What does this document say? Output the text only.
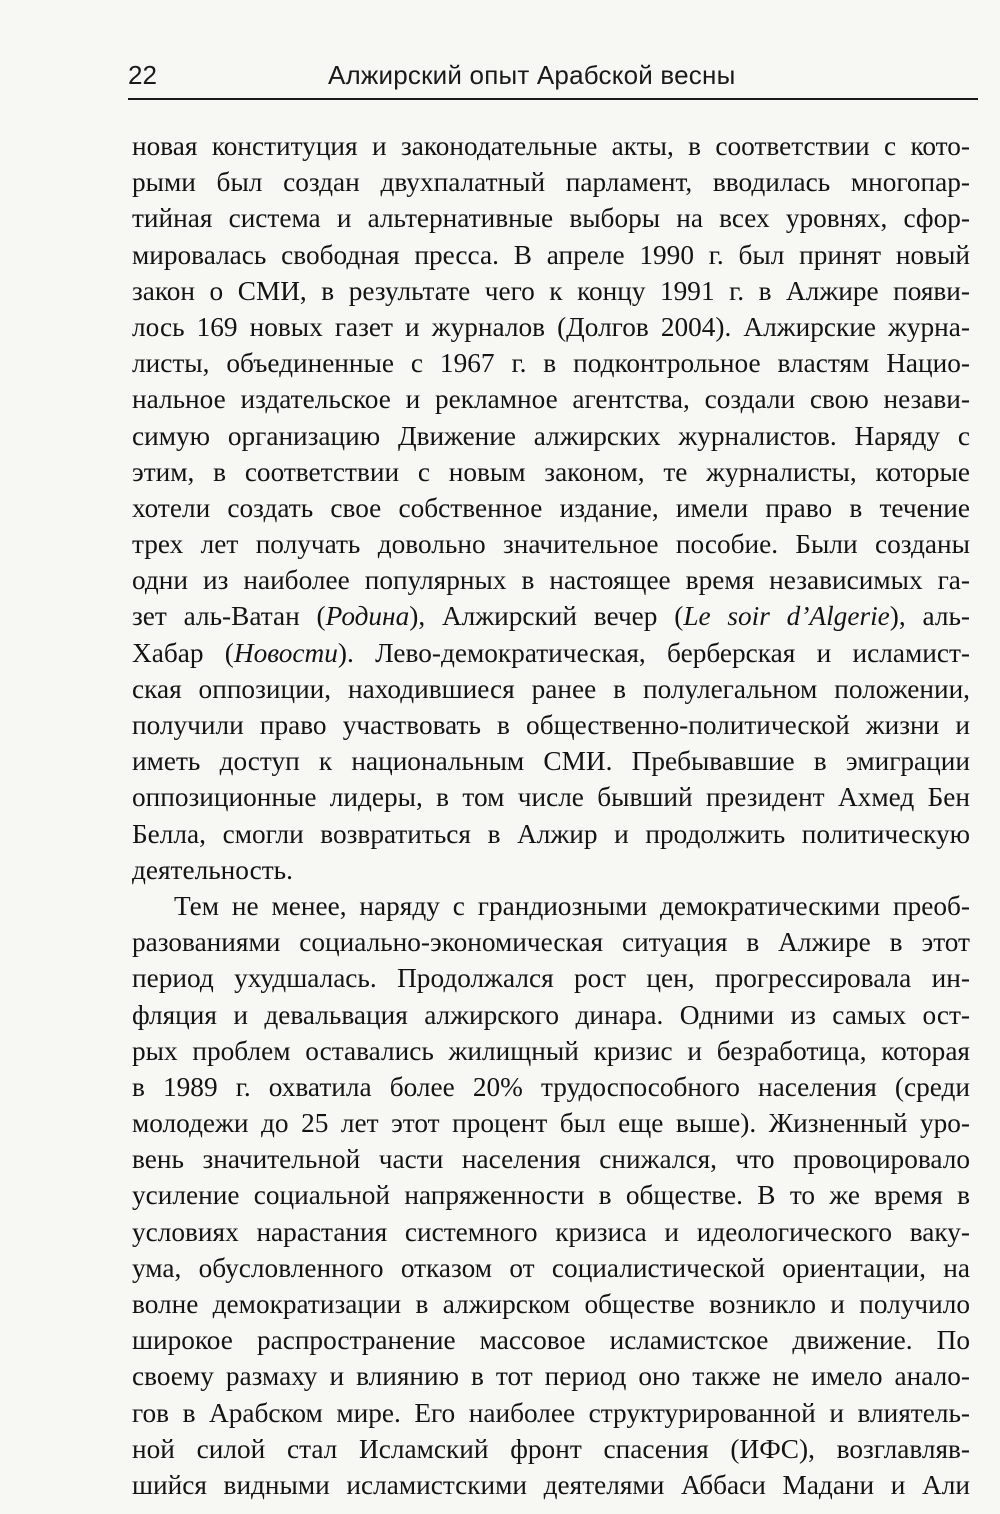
22	Алжирский опыт Арабской весны
новая конституция и законодательные акты, в соответствии с кото-
рыми был создан двухпалатный парламент, вводилась многопар-
тийная система и альтернативные выборы на всех уровнях, сфор-
мировалась свободная пресса. В апреле 1990 г. был принят новый
закон о СМИ, в результате чего к концу 1991 г. в Алжире появи-
лось 169 новых газет и журналов (Долгов 2004). Алжирские журна-
листы, объединенные с 1967 г. в подконтрольное властям Нацио-
нальное издательское и рекламное агентства, создали свою незави-
симую организацию Движение алжирских журналистов. Наряду с
этим, в соответствии с новым законом, те журналисты, которые
хотели создать свое собственное издание, имели право в течение
трех лет получать довольно значительное пособие. Были созданы
одни из наиболее популярных в настоящее время независимых га-
зет аль-Ватан (Родина), Алжирский вечер (Le soir d’Algerie), аль-
Хабар (Новости). Лево-демократическая, берберская и исламист-
ская оппозиции, находившиеся ранее в полулегальном положении,
получили право участвовать в общественно-политической жизни и
иметь доступ к национальным СМИ. Пребывавшие в эмиграции
оппозиционные лидеры, в том числе бывший президент Ахмед Бен
Белла, смогли возвратиться в Алжир и продолжить политическую
деятельность.
Тем не менее, наряду с грандиозными демократическими преоб-
разованиями социально-экономическая ситуация в Алжире в этот
период ухудшалась. Продолжался рост цен, прогрессировала ин-
фляция и девальвация алжирского динара. Одними из самых ост-
рых проблем оставались жилищный кризис и безработица, которая
в 1989 г. охватила более 20% трудоспособного населения (среди
молодежи до 25 лет этот процент был еще выше). Жизненный уро-
вень значительной части населения снижался, что провоцировало
усиление социальной напряженности в обществе. В то же время в
условиях нарастания системного кризиса и идеологического ваку-
ума, обусловленного отказом от социалистической ориентации, на
волне демократизации в алжирском обществе возникло и получило
широкое распространение массовое исламистское движение. По
своему размаху и влиянию в тот период оно также не имело анало-
гов в Арабском мире. Его наиболее структурированной и влиятель-
ной силой стал Исламский фронт спасения (ИФС), возглавляв-
шийся видными исламистскими деятелями Аббаси Мадани и Али
